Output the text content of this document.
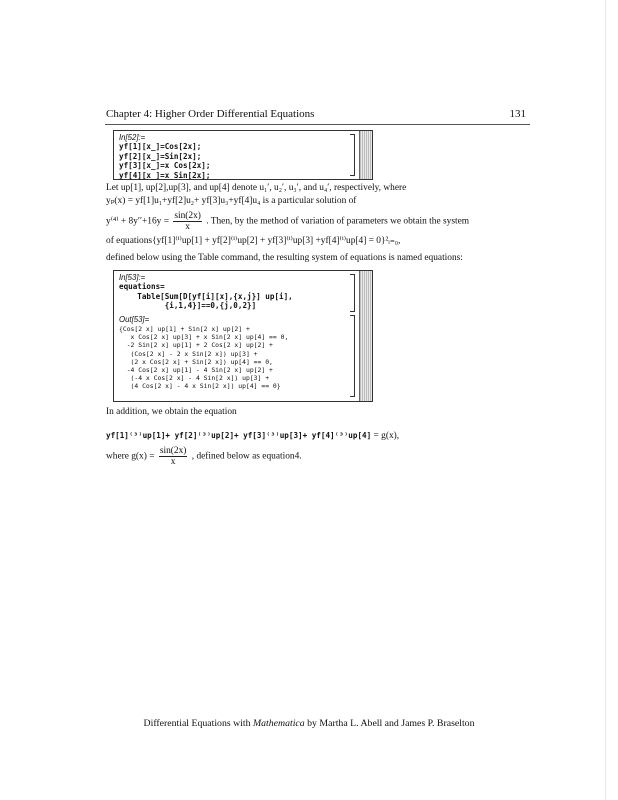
Chapter 4: Higher Order Differential Equations	131
In[52]:=
yf[1][x_]=Cos[2x];
yf[2][x_]=Sin[2x];
yf[3][x_]=x Cos[2x];
yf[4][x_]=x Sin[2x];
Let up[1], up[2],up[3], and up[4] denote u₁′, u₂′, u₃′, and u₄′, respectively, where
yₚ(x) = yf[1]u₁+yf[2]u₂+ yf[3]u₃+yf[4]u₄ is a particular solution of
$y^{(4)} + 8y''+16y = \frac{\sin(2x)}{x}$ . Then, by the method of variation of parameters we obtain the system
of equations{yf[1]⁽ⁱ⁾up[1] + yf[2]⁽ⁱ⁾up[2] + yf[3]⁽ⁱ⁾up[3] +yf[4]⁽ⁱ⁾up[4] = 0}²ᵢ₌₀,
defined below using the Table command, the resulting system of equations is named equations:
In[53]:=
equations=
Table[Sum[D[yf[i][x],{x,j}] up[i],
{i,1,4}]==0,{j,0,2}]
Out[53]=
{Cos[2 x] up[1] + Sin[2 x] up[2] +
x Cos[2 x] up[3] + x Sin[2 x] up[4] == 0,
-2 Sin[2 x] up[1] + 2 Cos[2 x] up[2] +
(Cos[2 x] - 2 x Sin[2 x]) up[3] +
(2 x Cos[2 x] + Sin[2 x]) up[4] == 0,
-4 Cos[2 x] up[1] - 4 Sin[2 x] up[2] +
(-4 x Cos[2 x] - 4 Sin[2 x]) up[3] +
(4 Cos[2 x] - 4 x Sin[2 x]) up[4] == 0}
In addition, we obtain the equation
yf[1]⁽³⁾up[1]+ yf[2]⁽³⁾up[2]+ yf[3]⁽³⁾up[3]+ yf[4]⁽³⁾up[4] = g(x),
where $g(x) = \frac{\sin(2x)}{x}$ , defined below as equation4.
Differential Equations with Mathematica by Martha L. Abell and James P. Braselton
